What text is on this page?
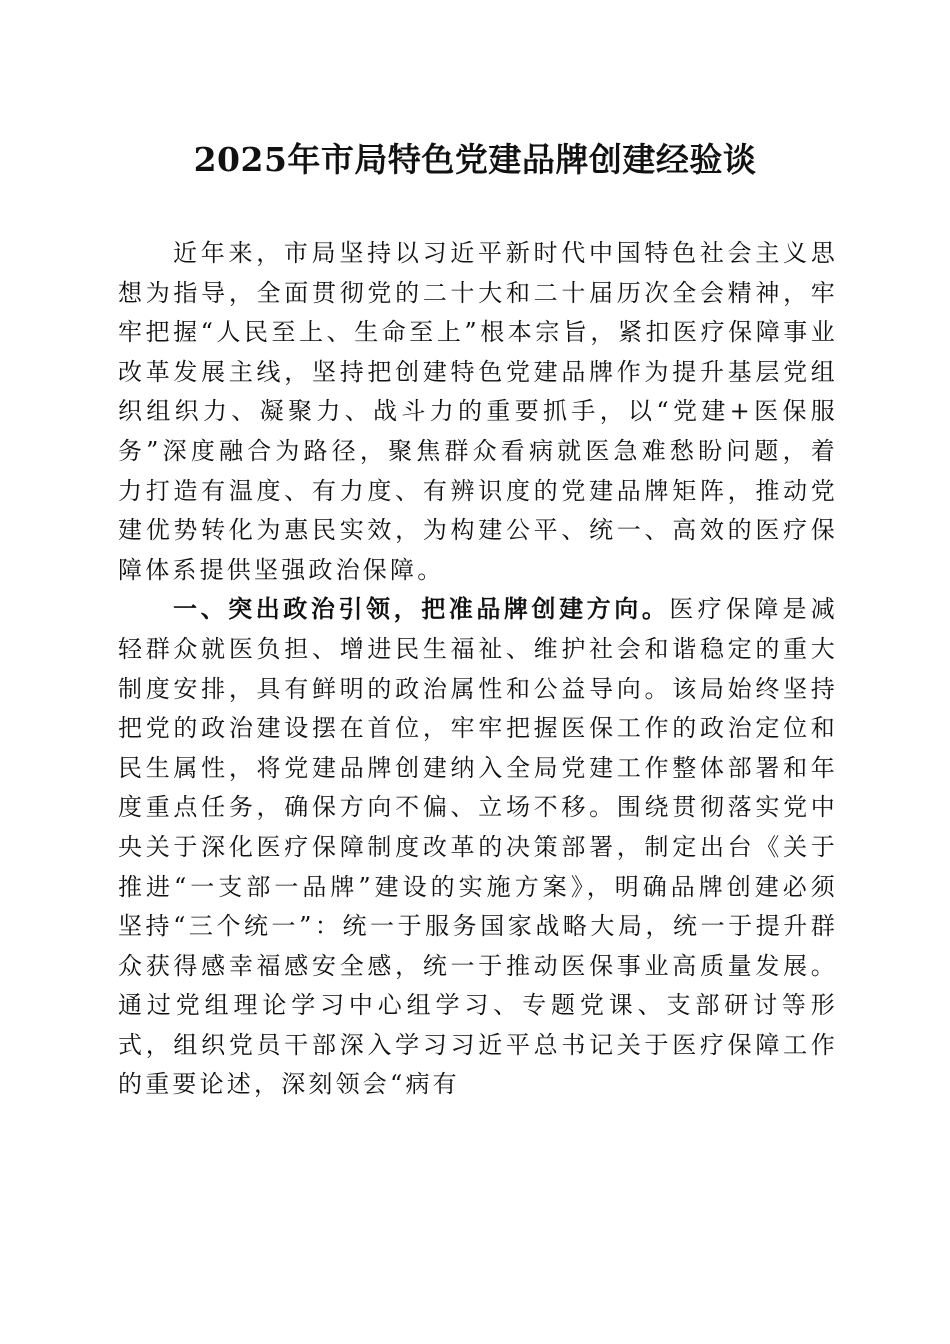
2025年市局特色党建品牌创建经验谈

近年来，市局坚持以习近平新时代中国特色社会主义思想为指导，全面贯彻党的二十大和二十届历次全会精神，牢牢把握“人民至上、生命至上”根本宗旨，紧扣医疗保障事业改革发展主线，坚持把创建特色党建品牌作为提升基层党组织组织力、凝聚力、战斗力的重要抓手，以“党建+医保服务”深度融合为路径，聚焦群众看病就医急难愁盼问题，着力打造有温度、有力度、有辨识度的党建品牌矩阵，推动党建优势转化为惠民实效，为构建公平、统一、高效的医疗保障体系提供坚强政治保障。

一、突出政治引领，把准品牌创建方向。医疗保障是减轻群众就医负担、增进民生福祉、维护社会和谐稳定的重大制度安排，具有鲜明的政治属性和公益导向。该局始终坚持把党的政治建设摆在首位，牢牢把握医保工作的政治定位和民生属性，将党建品牌创建纳入全局党建工作整体部署和年度重点任务，确保方向不偏、立场不移。围绕贯彻落实党中央关于深化医疗保障制度改革的决策部署，制定出台《关于推进“一支部一品牌”建设的实施方案》，明确品牌创建必须坚持“三个统一”：统一于服务国家战略大局，统一于提升群众获得感幸福感安全感，统一于推动医保事业高质量发展。通过党组理论学习中心组学习、专题党课、支部研讨等形式，组织党员干部深入学习习近平总书记关于医疗保障工作的重要论述，深刻领会“病有
